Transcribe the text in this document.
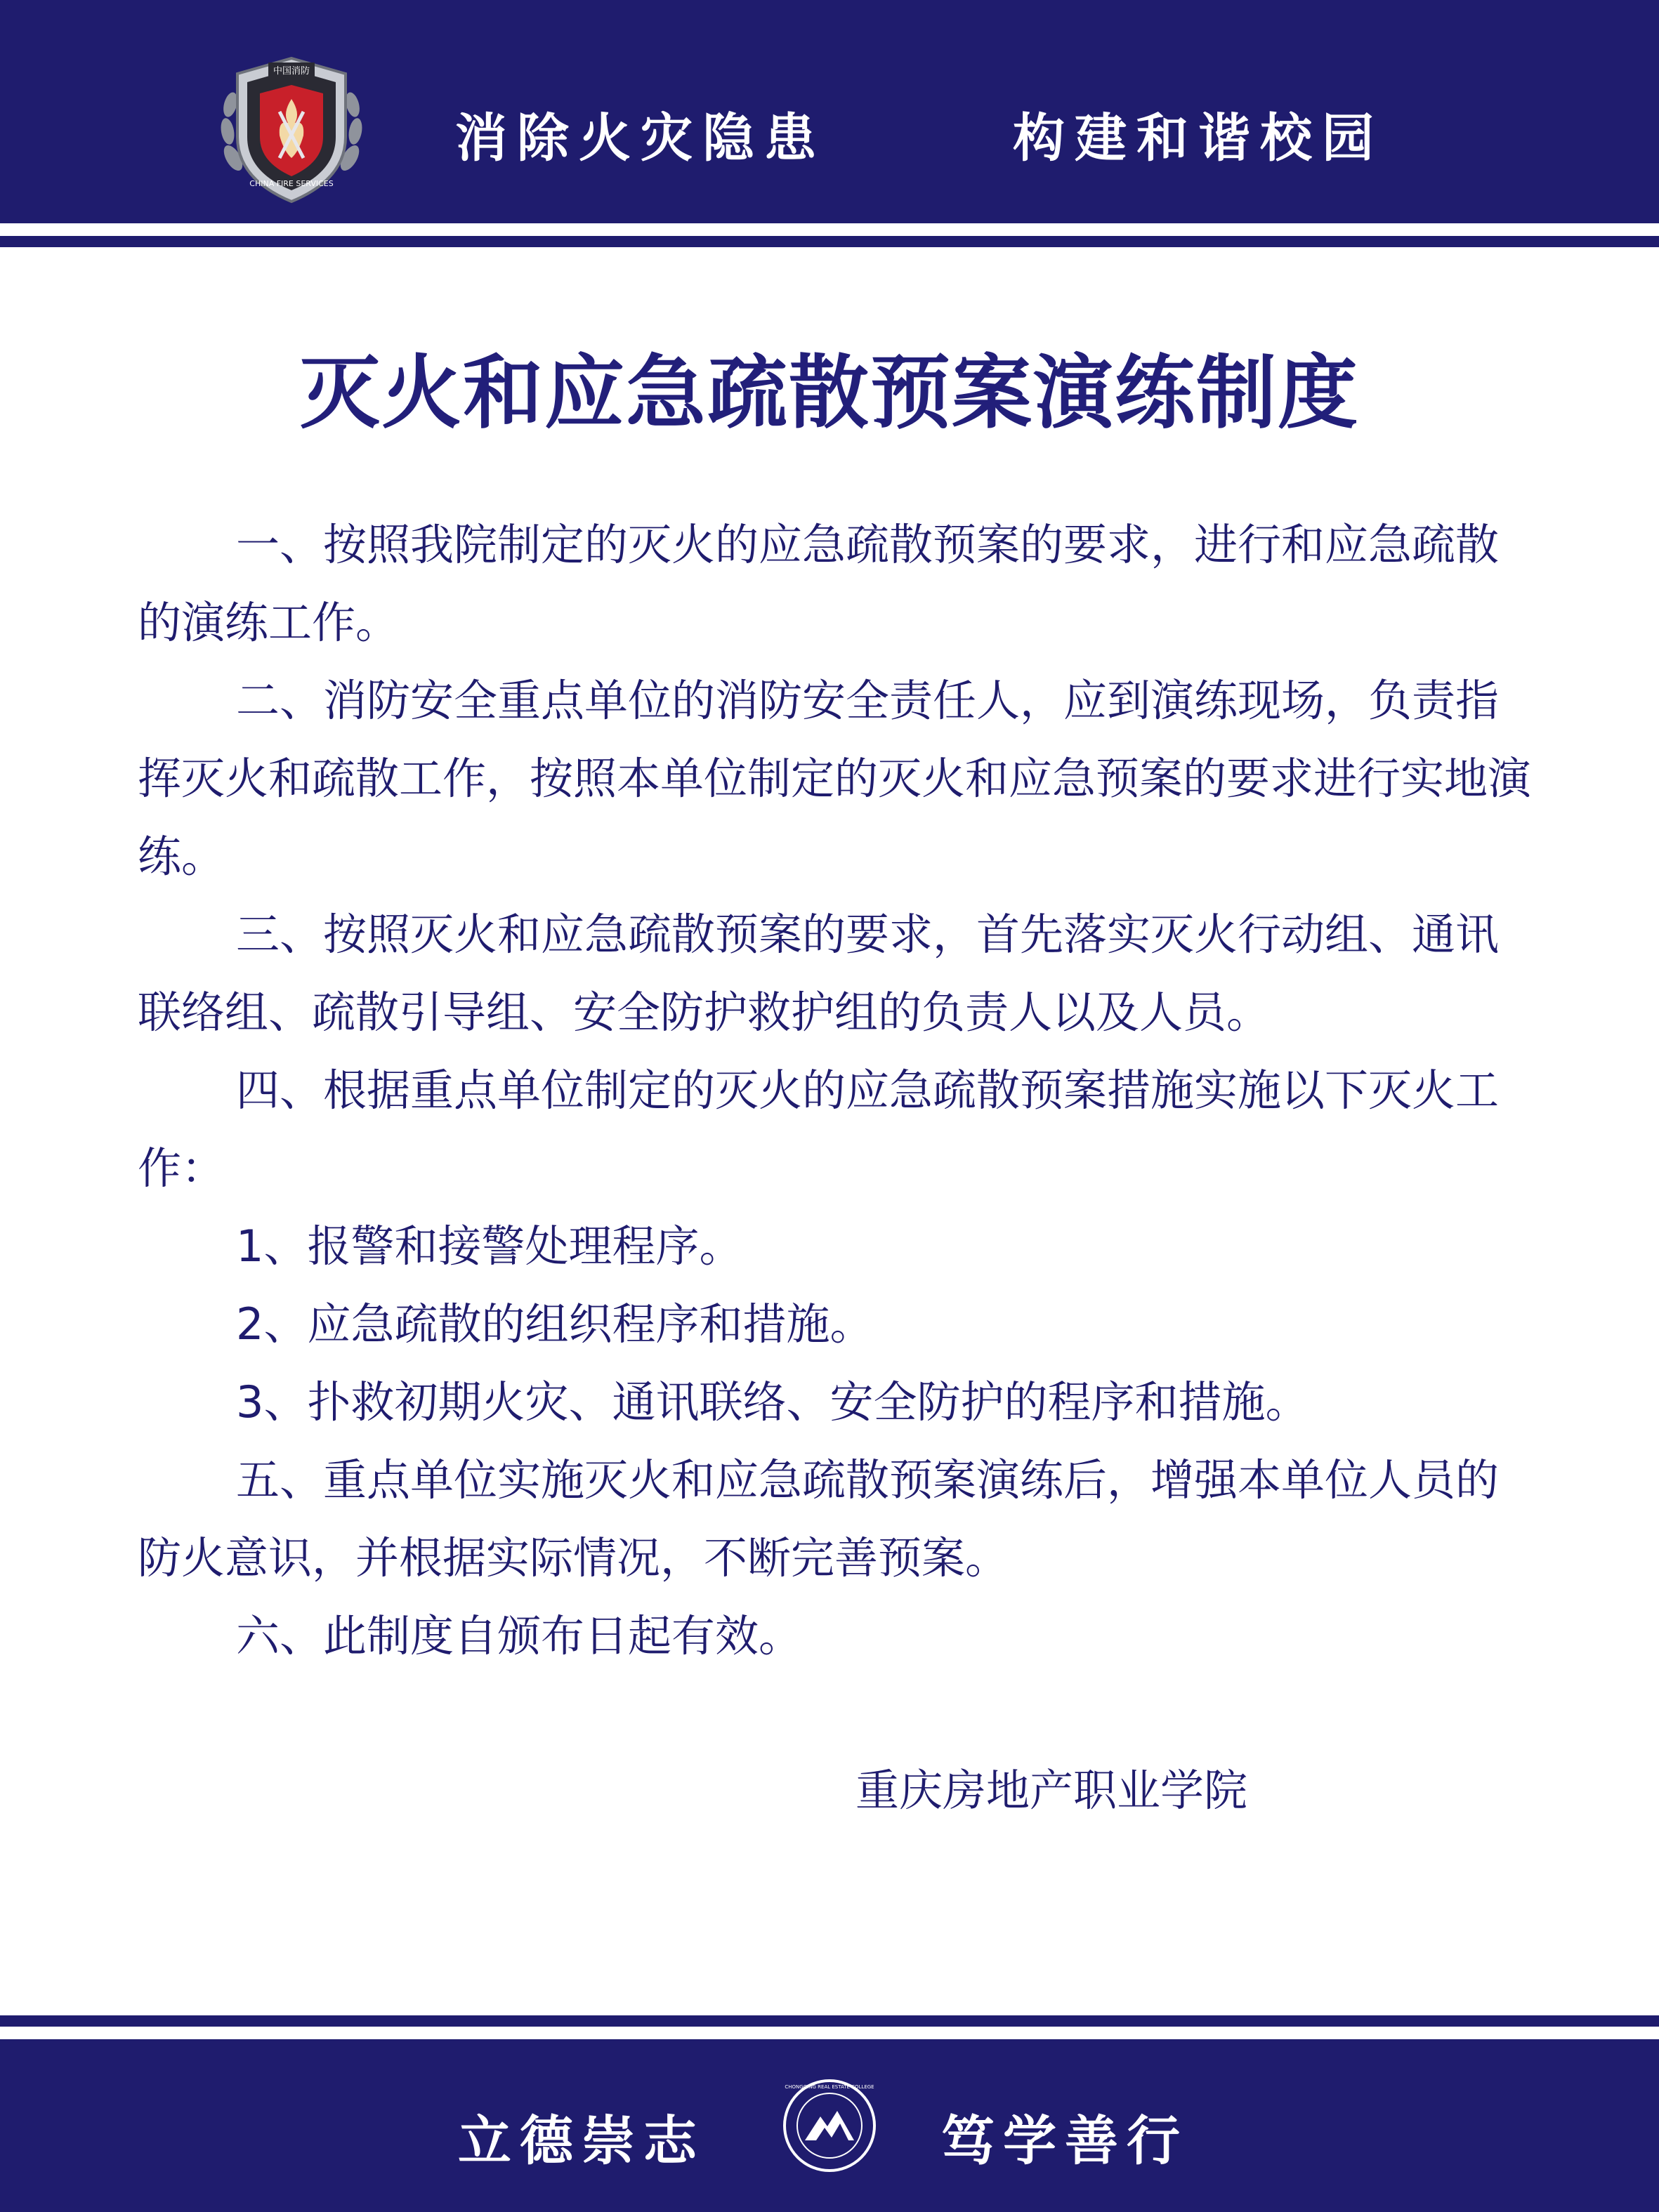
中国消防
CHINA FIRE SERVICES
消除火灾隐患	构建和谐校园
灭火和应急疏散预案演练制度

一、按照我院制定的灭火的应急疏散预案的要求，进行和应急疏散的演练工作。

二、消防安全重点单位的消防安全责任人，应到演练现场，负责指挥灭火和疏散工作，按照本单位制定的灭火和应急预案的要求进行实地演练。

三、按照灭火和应急疏散预案的要求，首先落实灭火行动组、通讯联络组、疏散引导组、安全防护救护组的负责人以及人员。

四、根据重点单位制定的灭火的应急疏散预案措施实施以下灭火工作：

1、报警和接警处理程序。

2、应急疏散的组织程序和措施。

3、扑救初期火灾、通讯联络、安全防护的程序和措施。

五、重点单位实施灭火和应急疏散预案演练后，增强本单位人员的防火意识，并根据实际情况，不断完善预案。

六、此制度自颁布日起有效。

重庆房地产职业学院
立德崇志
CHONGQING REAL ESTATE COLLEGE
笃学善行
